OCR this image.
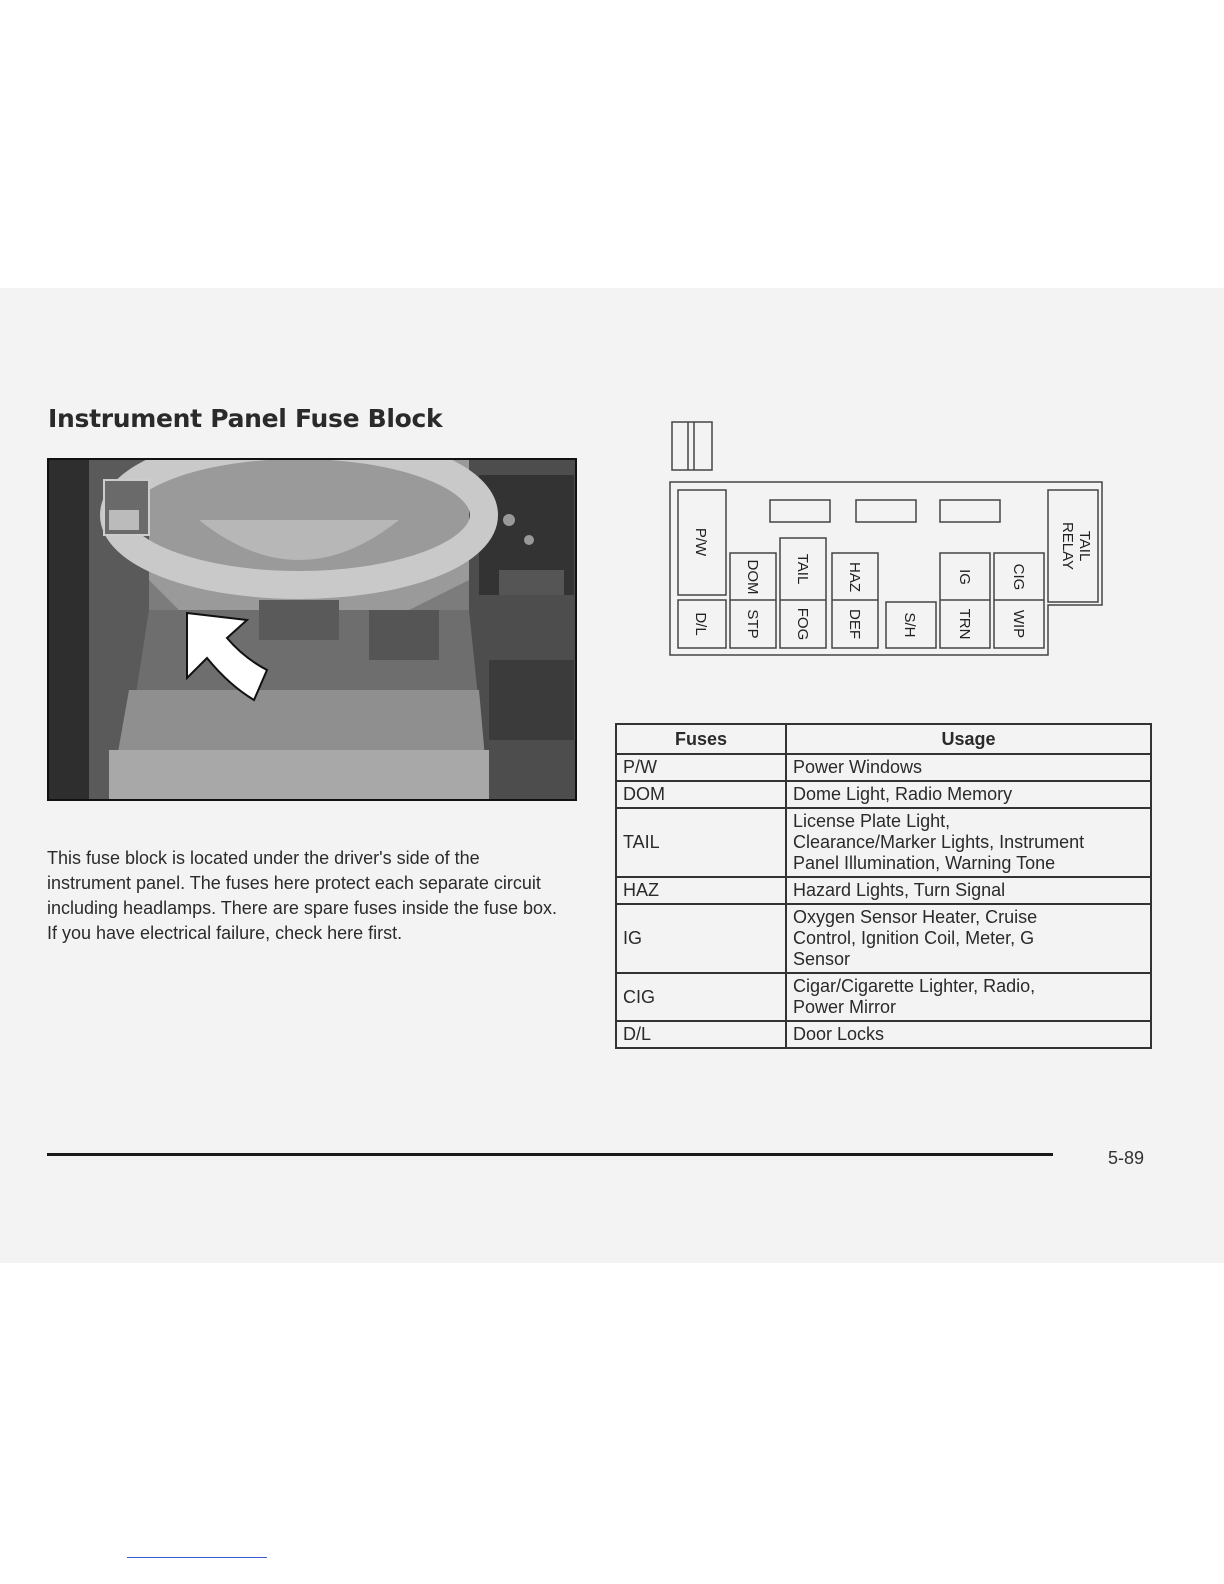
Instrument Panel Fuse Block

This fuse block is located under the driver's side of the instrument panel. The fuses here protect each separate circuit including headlamps. There are spare fuses inside the fuse box. If you have electrical failure, check here first.

P/W
D/L
DOM
STP
TAIL
FOG
HAZ
DEF	S/H
IG
TRN
CIG
WIP
TAIL
RELAY
Fuses	Usage
P/W	Power Windows

DOM	Dome Light, Radio Memory

TAIL	License Plate Light,
Clearance/Marker Lights, Instrument
Panel Illumination, Warning Tone

HAZ	Hazard Lights, Turn Signal

IG	Oxygen Sensor Heater, Cruise
Control, Ignition Coil, Meter, G
Sensor

CIG	Cigar/Cigarette Lighter, Radio,
Power Mirror

D/L	Door Locks
5-89
